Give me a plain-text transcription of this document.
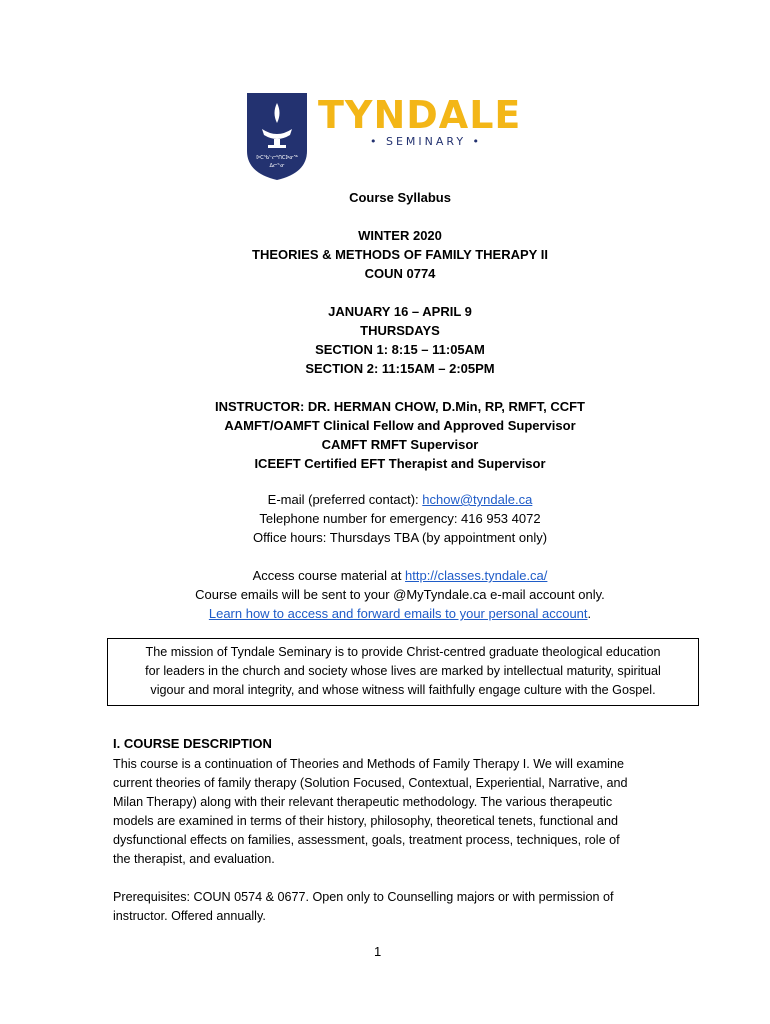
ᐅᑕᖃᓪᓕᒃᑎᑕᐅᓂᖅ
ᐃᓕᓐᓂ
TYNDALE
• SEMINARY •
Course Syllabus
WINTER 2020
THEORIES & METHODS OF FAMILY THERAPY II
COUN 0774
JANUARY 16 – APRIL 9
THURSDAYS
SECTION 1: 8:15 – 11:05AM
SECTION 2: 11:15AM – 2:05PM
INSTRUCTOR: DR. HERMAN CHOW, D.Min, RP, RMFT, CCFT
AAMFT/OAMFT Clinical Fellow and Approved Supervisor
CAMFT RMFT Supervisor
ICEEFT Certified EFT Therapist and Supervisor
E-mail (preferred contact): hchow@tyndale.ca
Telephone number for emergency: 416 953 4072
Office hours: Thursdays TBA (by appointment only)
Access course material at http://classes.tyndale.ca/
Course emails will be sent to your @MyTyndale.ca e-mail account only.
Learn how to access and forward emails to your personal account.
The mission of Tyndale Seminary is to provide Christ-centred graduate theological education
for leaders in the church and society whose lives are marked by intellectual maturity, spiritual
vigour and moral integrity, and whose witness will faithfully engage culture with the Gospel.
I. COURSE DESCRIPTION
This course is a continuation of Theories and Methods of Family Therapy I. We will examine
current theories of family therapy (Solution Focused, Contextual, Experiential, Narrative, and
Milan Therapy) along with their relevant therapeutic methodology. The various therapeutic
models are examined in terms of their history, philosophy, theoretical tenets, functional and
dysfunctional effects on families, assessment, goals, treatment process, techniques, role of
the therapist, and evaluation.
Prerequisites: COUN 0574 & 0677. Open only to Counselling majors or with permission of
instructor. Offered annually.
1
